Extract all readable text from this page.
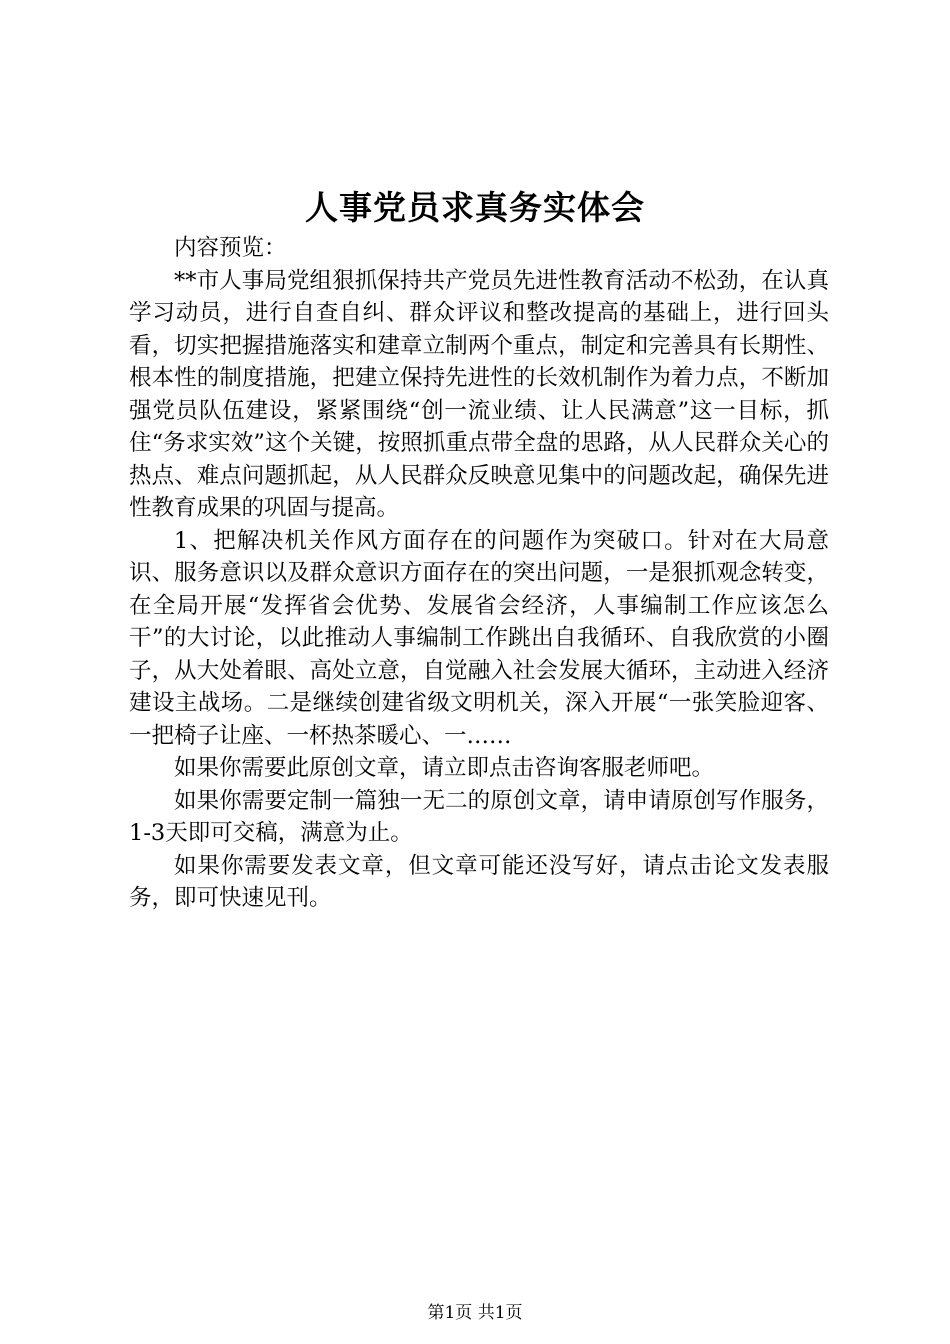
人事党员求真务实体会

内容预览：

**市人事局党组狠抓保持共产党员先进性教育活动不松劲，在认真学习动员，进行自查自纠、群众评议和整改提高的基础上，进行回头看，切实把握措施落实和建章立制两个重点，制定和完善具有长期性、根本性的制度措施，把建立保持先进性的长效机制作为着力点，不断加强党员队伍建设，紧紧围绕“创一流业绩、让人民满意”这一目标，抓住“务求实效”这个关键，按照抓重点带全盘的思路，从人民群众关心的热点、难点问题抓起，从人民群众反映意见集中的问题改起，确保先进性教育成果的巩固与提高。

1、把解决机关作风方面存在的问题作为突破口。针对在大局意识、服务意识以及群众意识方面存在的突出问题，一是狠抓观念转变，在全局开展“发挥省会优势、发展省会经济，人事编制工作应该怎么干”的大讨论，以此推动人事编制工作跳出自我循环、自我欣赏的小圈子，从大处着眼、高处立意，自觉融入社会发展大循环，主动进入经济建设主战场。二是继续创建省级文明机关，深入开展“一张笑脸迎客、一把椅子让座、一杯热茶暖心、一……

如果你需要此原创文章，请立即点击咨询客服老师吧。

如果你需要定制一篇独一无二的原创文章，请申请原创写作服务，1-3天即可交稿，满意为止。

如果你需要发表文章，但文章可能还没写好，请点击论文发表服务，即可快速见刊。

第1页 共1页
